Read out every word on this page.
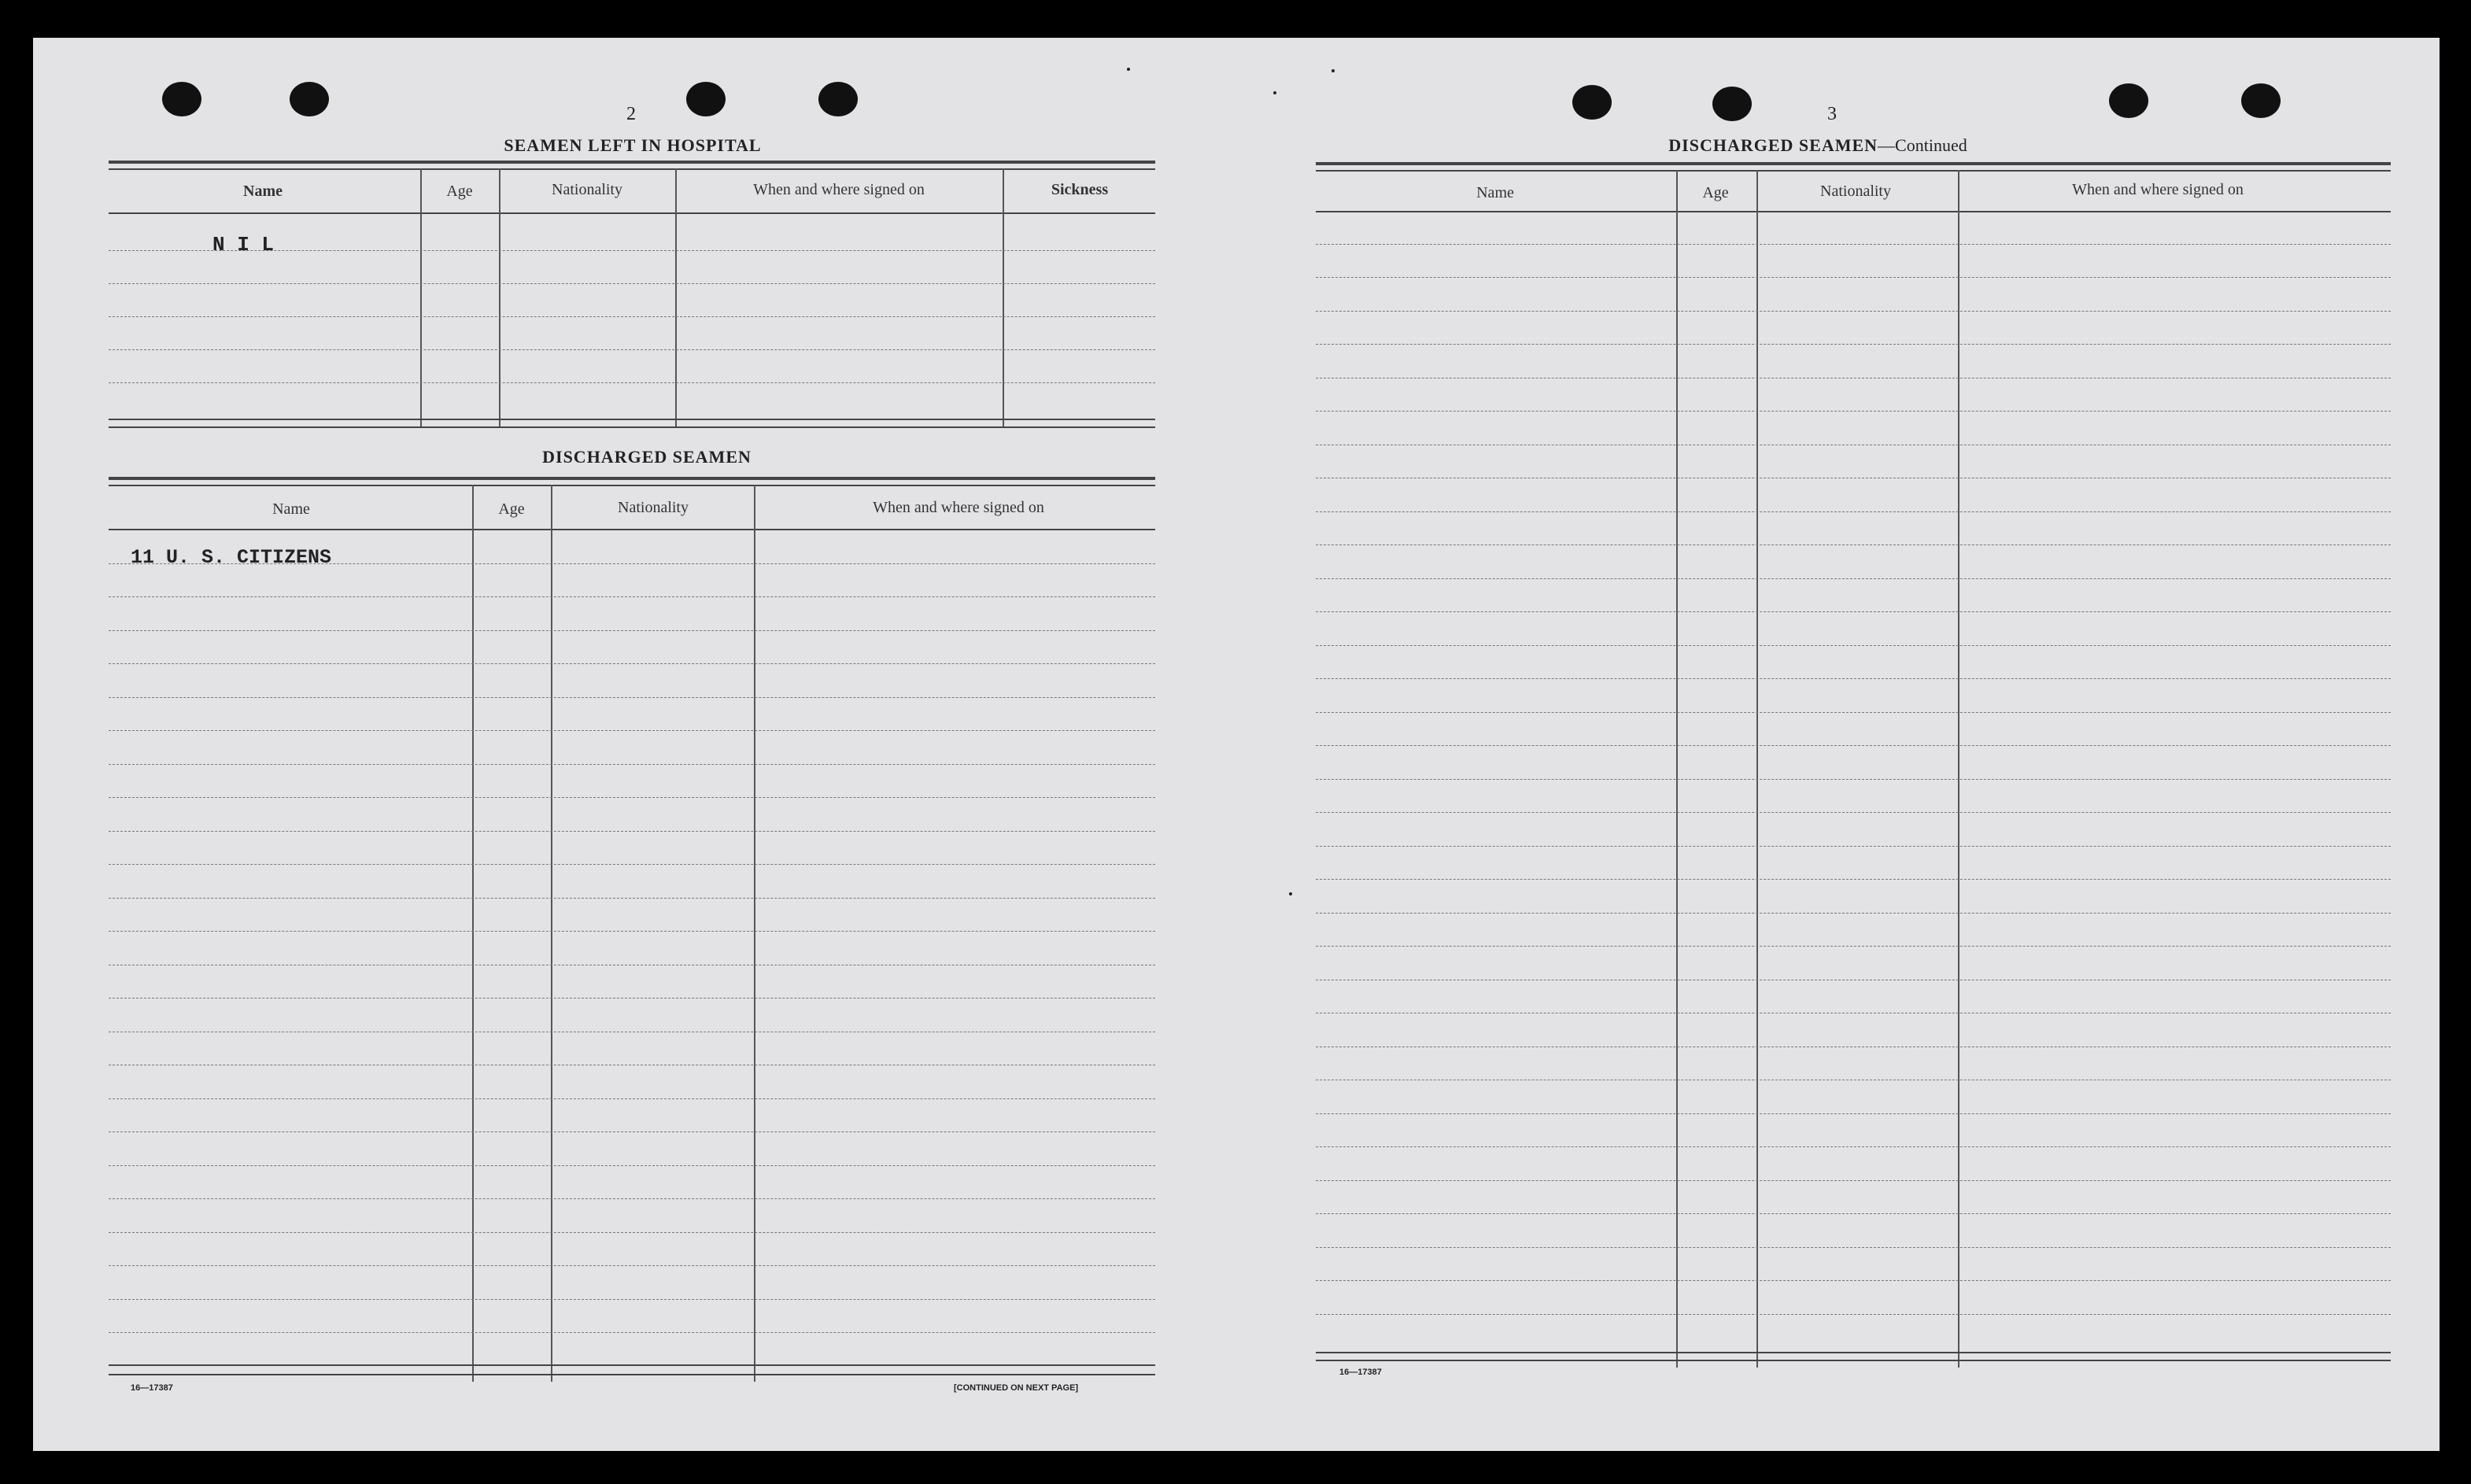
2
SEAMEN LEFT IN HOSPITAL
Name	Age	Nationality	When and where signed on	Sickness
N I L
DISCHARGED SEAMEN
Name	Age	Nationality	When and where signed on
11 U. S. CITIZENS
16—17387	[CONTINUED ON NEXT PAGE]
3
DISCHARGED SEAMEN—Continued
Name	Age	Nationality	When and where signed on
16—17387
